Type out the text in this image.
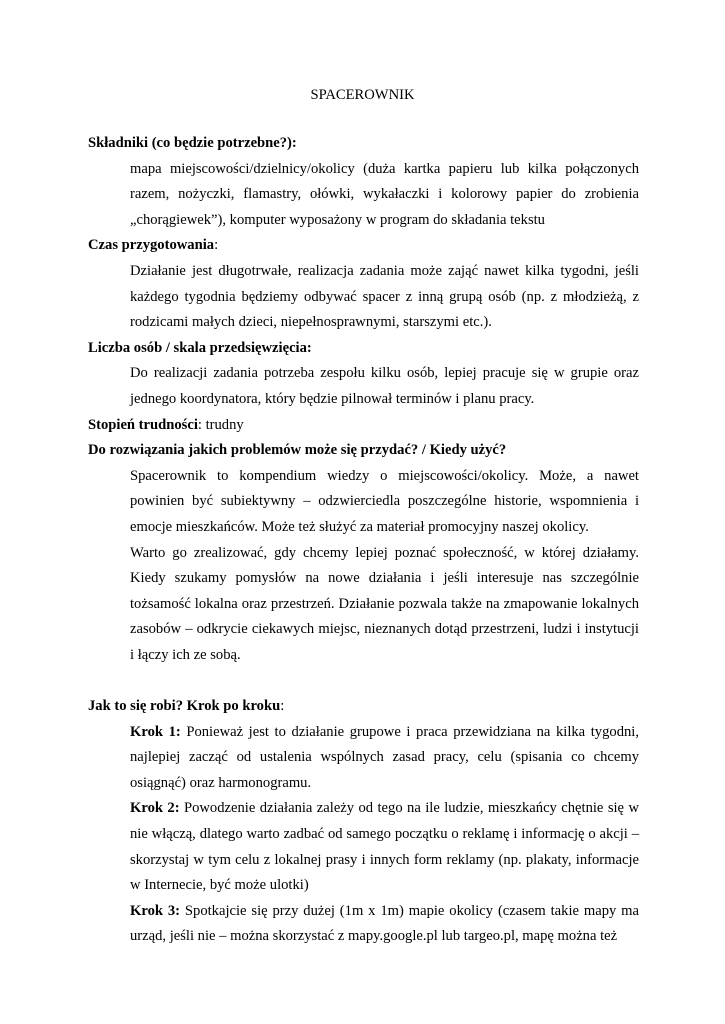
SPACEROWNIK
Składniki (co będzie potrzebne?):
mapa miejscowości/dzielnicy/okolicy (duża kartka papieru lub kilka połączonych razem, nożyczki, flamastry, ołówki, wykałaczki i kolorowy papier do zrobienia „chorągiewek”), komputer wyposażony w program do składania tekstu
Czas przygotowania:
Działanie jest długotrwałe, realizacja zadania może zająć nawet kilka tygodni, jeśli każdego tygodnia będziemy odbywać spacer z inną grupą osób (np. z młodzieżą, z rodzicami małych dzieci, niepełnosprawnymi, starszymi etc.).
Liczba osób / skala przedsięwzięcia:
Do realizacji zadania potrzeba zespołu kilku osób, lepiej pracuje się w grupie oraz jednego koordynatora, który będzie pilnował terminów i planu pracy.
Stopień trudności: trudny
Do rozwiązania jakich problemów może się przydać? / Kiedy użyć?
Spacerownik to kompendium wiedzy o miejscowości/okolicy. Może, a nawet powinien być subiektywny – odzwierciedla poszczególne historie, wspomnienia i emocje mieszkańców. Może też służyć za materiał promocyjny naszej okolicy.
Warto go zrealizować, gdy chcemy lepiej poznać społeczność, w której działamy. Kiedy szukamy pomysłów na nowe działania i jeśli interesuje nas szczególnie tożsamość lokalna oraz przestrzeń. Działanie pozwala także na zmapowanie lokalnych zasobów – odkrycie ciekawych miejsc, nieznanych dotąd przestrzeni, ludzi i instytucji i łączy ich ze sobą.
Jak to się robi? Krok po kroku:
Krok 1: Ponieważ jest to działanie grupowe i praca przewidziana na kilka tygodni, najlepiej zacząć od ustalenia wspólnych zasad pracy, celu (spisania co chcemy osiągnąć) oraz harmonogramu.
Krok 2: Powodzenie działania zależy od tego na ile ludzie, mieszkańcy chętnie się w nie włączą, dlatego warto zadbać od samego początku o reklamę i informację o akcji – skorzystaj w tym celu z lokalnej prasy i innych form reklamy (np. plakaty, informacje w Internecie, być może ulotki)
Krok 3: Spotkajcie się przy dużej (1m x 1m) mapie okolicy (czasem takie mapy ma urząd, jeśli nie – można skorzystać z mapy.google.pl lub targeo.pl, mapę można też
